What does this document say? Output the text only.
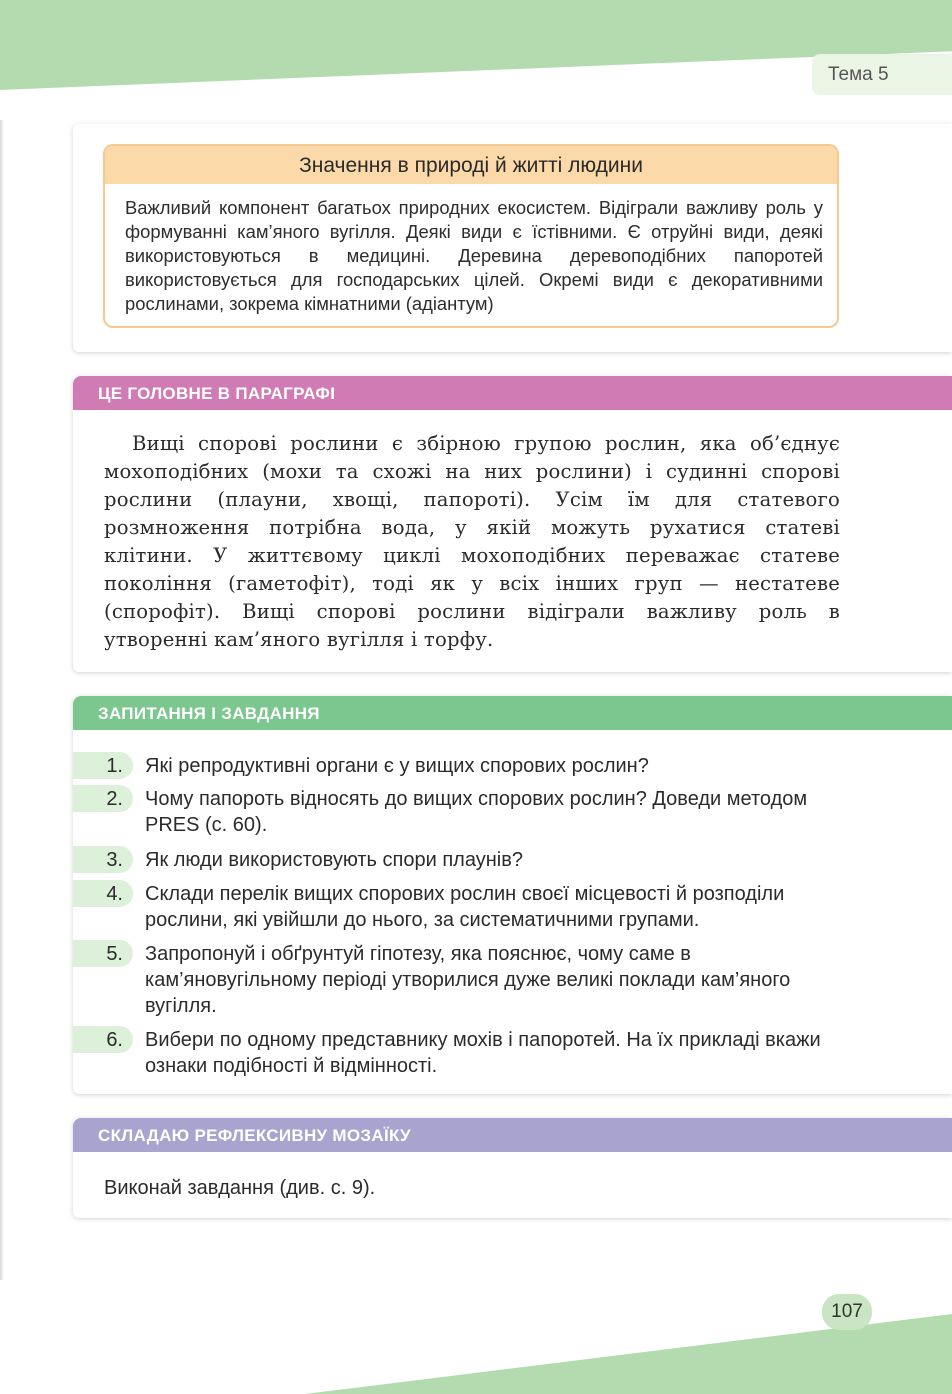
Тема 5
Значення в природі й житті людини
Важливий компонент багатьох природних екосистем. Відіграли важливу роль у формуванні кам’яного вугілля. Деякі види є їстівними. Є отруйні види, деякі використовуються в медицині. Деревина деревоподібних папоротей використовується для господарських цілей. Окремі види є декоративними рослинами, зокрема кімнатними (адіантум)
ЦЕ ГОЛОВНЕ В ПАРАГРАФІ

Вищі спорові рослини є збірною групою рослин, яка об’єднує мохоподібних (мохи та схожі на них рослини) і судинні спорові рослини (плауни, хвощі, папороті). Усім їм для статевого розмноження потрібна вода, у якій можуть рухатися статеві клітини. У життєвому циклі мохоподібних переважає статеве покоління (гаметофіт), тоді як у всіх інших груп — нестатеве (спорофіт). Вищі спорові рослини відіграли важливу роль в утворенні кам’яного вугілля і торфу.

ЗАПИТАННЯ І ЗАВДАННЯ
1.	Які репродуктивні органи є у вищих спорових рослин?
2.	Чому папороть відносять до вищих спорових рослин? Доведи методом PRES (с. 60).
3.	Як люди використовують спори плаунів?
4.	Склади перелік вищих спорових рослин своєї місцевості й розподіли рослини, які увійшли до нього, за систематичними групами.
5.	Запропонуй і обґрунтуй гіпотезу, яка пояснює, чому саме в кам’яновугільному періоді утворилися дуже великі поклади кам’яного вугілля.
6.	Вибери по одному представнику мохів і папоротей. На їх прикладі вкажи ознаки подібності й відмінності.
СКЛАДАЮ РЕФЛЕКСИВНУ МОЗАЇКУ

Виконай завдання (див. с. 9).

107
